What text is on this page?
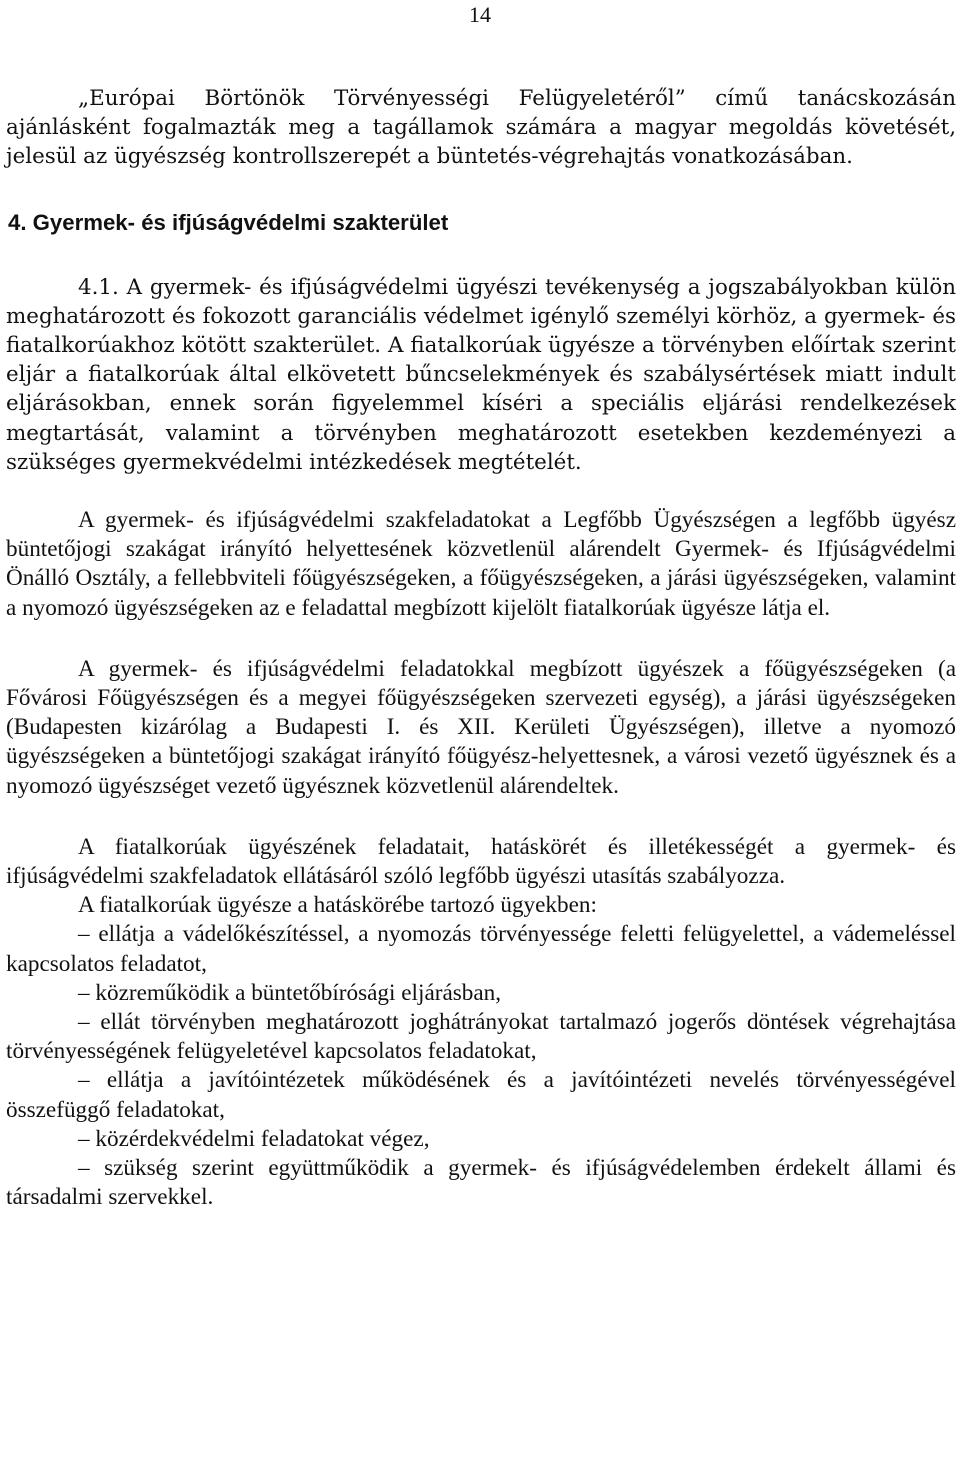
14

„Európai Börtönök Törvényességi Felügyeletéről” című tanácskozásán ajánlásként fogalmazták meg a tagállamok számára a magyar megoldás követését, jelesül az ügyészség kontrollszerepét a büntetés-végrehajtás vonatkozásában.

4. Gyermek- és ifjúságvédelmi szakterület

4.1. A gyermek- és ifjúságvédelmi ügyészi tevékenység a jogszabályokban külön meghatározott és fokozott garanciális védelmet igénylő személyi körhöz, a gyermek- és fiatalkorúakhoz kötött szakterület. A fiatalkorúak ügyésze a törvényben előírtak szerint eljár a fiatalkorúak által elkövetett bűncselekmények és szabálysértések miatt indult eljárásokban, ennek során figyelemmel kíséri a speciális eljárási rendelkezések megtartását, valamint a törvényben meghatározott esetekben kezdeményezi a szükséges gyermekvédelmi intézkedések megtételét.

A gyermek- és ifjúságvédelmi szakfeladatokat a Legfőbb Ügyészségen a legfőbb ügyész büntetőjogi szakágat irányító helyettesének közvetlenül alárendelt Gyermek- és Ifjúságvédelmi Önálló Osztály, a fellebbviteli főügyészségeken, a főügyészségeken, a járási ügyészségeken, valamint a nyomozó ügyészségeken az e feladattal megbízott kijelölt fiatalkorúak ügyésze látja el.

A gyermek- és ifjúságvédelmi feladatokkal megbízott ügyészek a főügyészségeken (a Fővárosi Főügyészségen és a megyei főügyészségeken szervezeti egység), a járási ügyészségeken (Budapesten kizárólag a Budapesti I. és XII. Kerületi Ügyészségen), illetve a nyomozó ügyészségeken a büntetőjogi szakágat irányító főügyész-helyettesnek, a városi vezető ügyésznek és a nyomozó ügyészséget vezető ügyésznek közvetlenül alárendeltek.

A fiatalkorúak ügyészének feladatait, hatáskörét és illetékességét a gyermek- és ifjúságvédelmi szakfeladatok ellátásáról szóló legfőbb ügyészi utasítás szabályozza.

A fiatalkorúak ügyésze a hatáskörébe tartozó ügyekben:

– ellátja a vádelőkészítéssel, a nyomozás törvényessége feletti felügyelettel, a vádemeléssel kapcsolatos feladatot,

– közreműködik a büntetőbírósági eljárásban,

– ellát törvényben meghatározott joghátrányokat tartalmazó jogerős döntések végrehajtása törvényességének felügyeletével kapcsolatos feladatokat,

– ellátja a javítóintézetek működésének és a javítóintézeti nevelés törvényességével összefüggő feladatokat,

– közérdekvédelmi feladatokat végez,

– szükség szerint együttműködik a gyermek- és ifjúságvédelemben érdekelt állami és társadalmi szervekkel.
